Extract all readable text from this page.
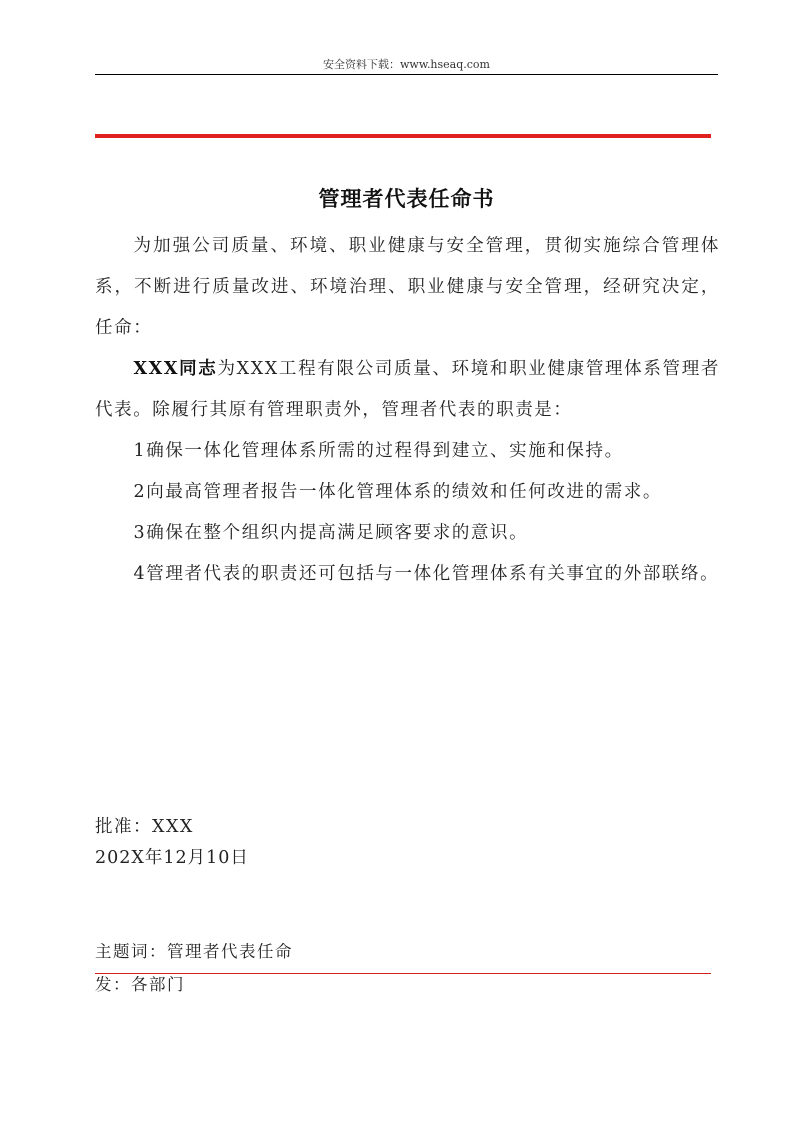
安全资料下载：www.hseaq.com
管理者代表任命书

为加强公司质量、环境、职业健康与安全管理，贯彻实施综合管理体系，不断进行质量改进、环境治理、职业健康与安全管理，经研究决定，任命：

XXX同志为XXX工程有限公司质量、环境和职业健康管理体系管理者代表。除履行其原有管理职责外，管理者代表的职责是：

1确保一体化管理体系所需的过程得到建立、实施和保持。

2向最高管理者报告一体化管理体系的绩效和任何改进的需求。

3确保在整个组织内提高满足顾客要求的意识。

4管理者代表的职责还可包括与一体化管理体系有关事宜的外部联络。

批准：XXX
202X年12月10日
主题词：管理者代表任命
发：各部门
